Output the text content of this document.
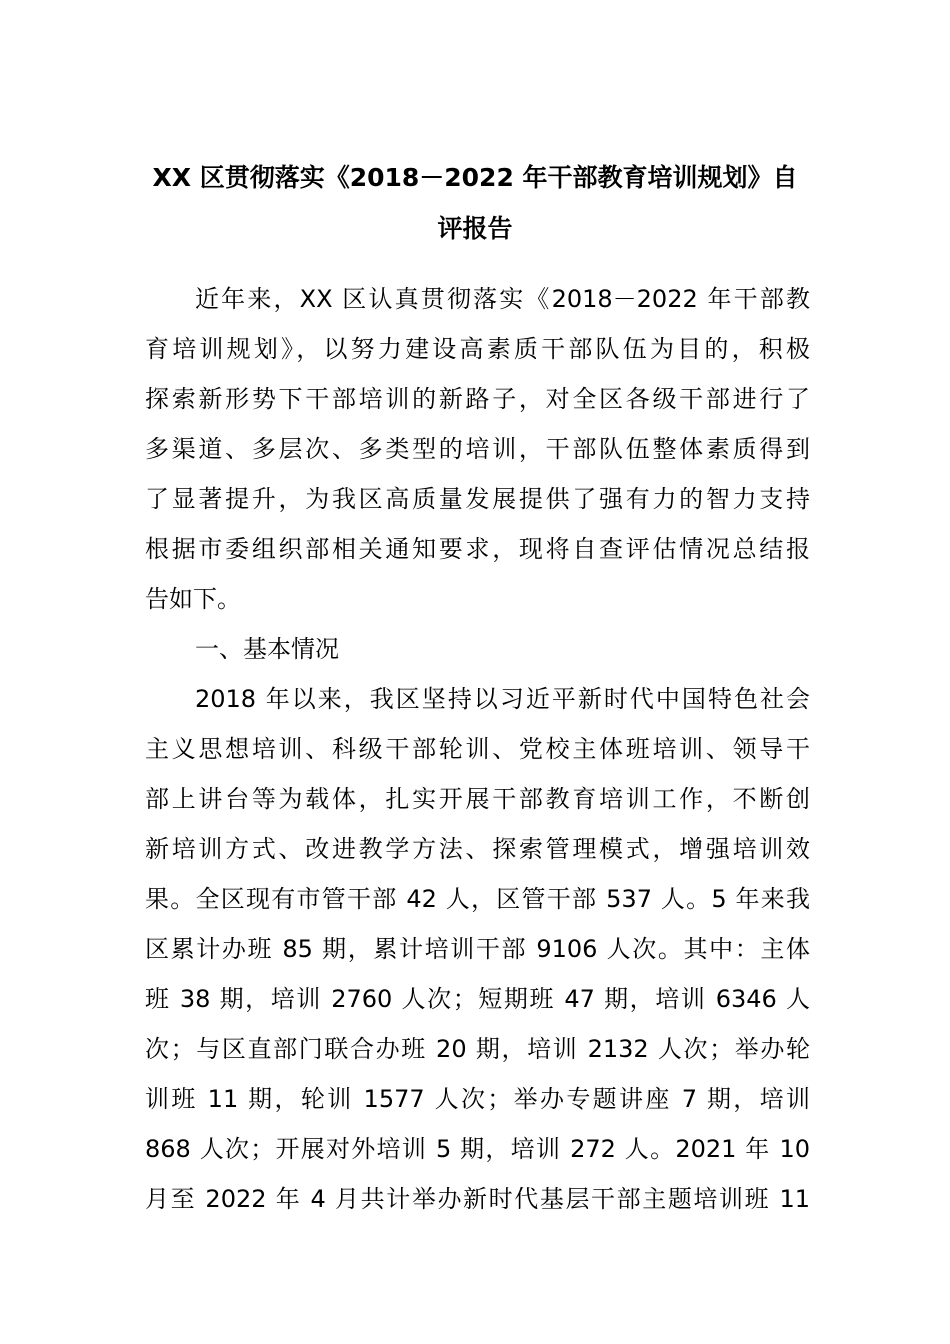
XX 区贯彻落实《2018－2022 年干部教育培训规划》自
评报告
近年来，XX 区认真贯彻落实《2018－2022 年干部教
育培训规划》，以努力建设高素质干部队伍为目的，积极
探索新形势下干部培训的新路子，对全区各级干部进行了
多渠道、多层次、多类型的培训，干部队伍整体素质得到
了显著提升，为我区高质量发展提供了强有力的智力支持
根据市委组织部相关通知要求，现将自查评估情况总结报
告如下。
一、基本情况
2018 年以来，我区坚持以习近平新时代中国特色社会
主义思想培训、科级干部轮训、党校主体班培训、领导干
部上讲台等为载体，扎实开展干部教育培训工作，不断创
新培训方式、改进教学方法、探索管理模式，增强培训效
果。全区现有市管干部 42 人，区管干部 537 人。5 年来我
区累计办班 85 期，累计培训干部 9106 人次。其中：主体
班 38 期，培训 2760 人次；短期班 47 期，培训 6346 人
次；与区直部门联合办班 20 期，培训 2132 人次；举办轮
训班 11 期，轮训 1577 人次；举办专题讲座 7 期，培训
868 人次；开展对外培训 5 期，培训 272 人。2021 年 10
月至 2022 年 4 月共计举办新时代基层干部主题培训班 11
